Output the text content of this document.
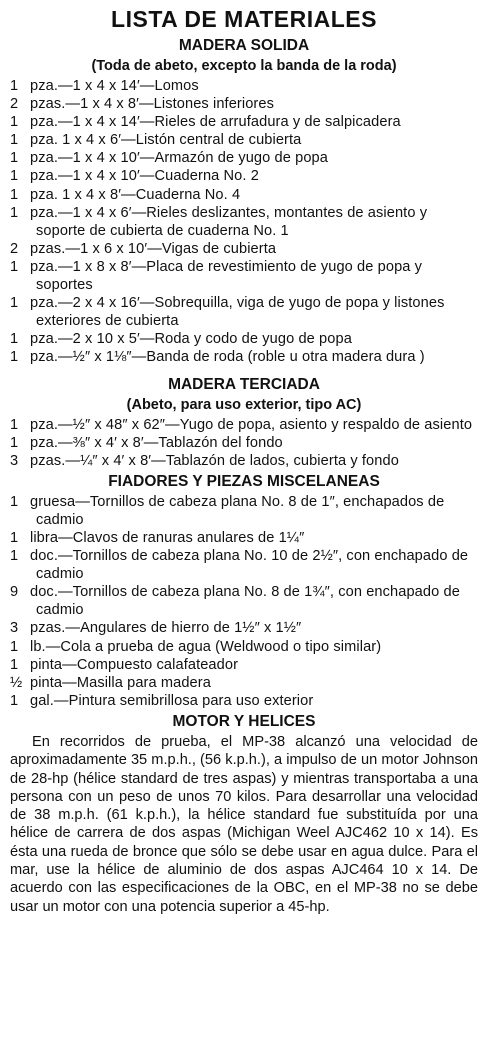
LISTA DE MATERIALES
MADERA SOLIDA
(Toda de abeto, excepto la banda de la roda)
1 pza.—1 x 4 x 14′—Lomos
2 pzas.—1 x 4 x 8′—Listones inferiores
1 pza.—1 x 4 x 14′—Rieles de arrufadura y de salpicadera
1 pza. 1 x 4 x 6′—Listón central de cubierta
1 pza.—1 x 4 x 10′—Armazón de yugo de popa
1 pza.—1 x 4 x 10′—Cuaderna No. 2
1 pza. 1 x 4 x 8′—Cuaderna No. 4
1 pza.—1 x 4 x 6′—Rieles deslizantes, montantes de asiento y soporte de cubierta de cuaderna No. 1
2 pzas.—1 x 6 x 10′—Vigas de cubierta
1 pza.—1 x 8 x 8′—Placa de revestimiento de yugo de popa y soportes
1 pza.—2 x 4 x 16′—Sobrequilla, viga de yugo de popa y listones exteriores de cubierta
1 pza.—2 x 10 x 5′—Roda y codo de yugo de popa
1 pza.—½″ x 1⅛″—Banda de roda (roble u otra madera dura )
MADERA TERCIADA
(Abeto, para uso exterior, tipo AC)
1 pza.—½″ x 48″ x 62″—Yugo de popa, asiento y respaldo de asiento
1 pza.—⅜″ x 4′ x 8′—Tablazón del fondo
3 pzas.—¼″ x 4′ x 8′—Tablazón de lados, cubierta y fondo
FIADORES Y PIEZAS MISCELANEAS
1 gruesa—Tornillos de cabeza plana No. 8 de 1″, enchapados de cadmio
1 libra—Clavos de ranuras anulares de 1¼″
1 doc.—Tornillos de cabeza plana No. 10 de 2½″, con enchapado de cadmio
9 doc.—Tornillos de cabeza plana No. 8 de 1¾″, con enchapado de cadmio
3 pzas.—Angulares de hierro de 1½″ x 1½″
1 lb.—Cola a prueba de agua (Weldwood o tipo similar)
1 pinta—Compuesto calafateador
½ pinta—Masilla para madera
1 gal.—Pintura semibrillosa para uso exterior
MOTOR Y HELICES

En recorridos de prueba, el MP-38 alcanzó una velocidad de aproximadamente 35 m.p.h., (56 k.p.h.), a impulso de un motor Johnson de 28-hp (hélice standard de tres aspas) y mientras transportaba a una persona con un peso de unos 70 kilos. Para desarrollar una velocidad de 38 m.p.h. (61 k.p.h.), la hélice standard fue substituída por una hélice de carrera de dos aspas (Michigan Weel AJC462 10 x 14). Es ésta una rueda de bronce que sólo se debe usar en agua dulce. Para el mar, use la hélice de aluminio de dos aspas AJC464 10 x 14. De acuerdo con las especificaciones de la OBC, en el MP-38 no se debe usar un motor con una potencia superior a 45-hp.
